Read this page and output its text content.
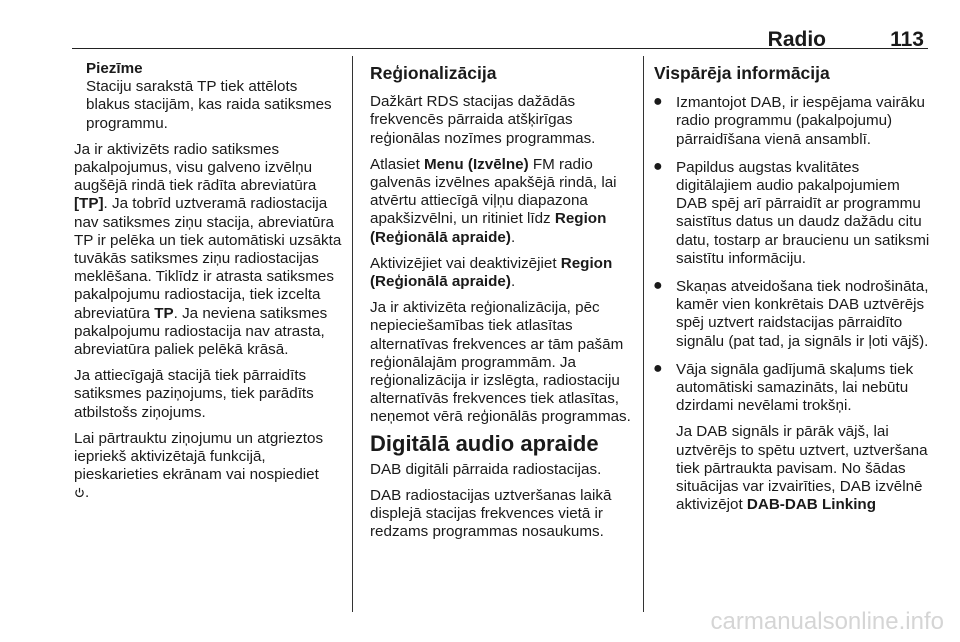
Radio	113
Piezīme
Staciju sarakstā TP tiek attēlots blakus stacijām, kas raida satiksmes programmu.

Ja ir aktivizēts radio satiksmes pakalpojumus, visu galveno izvēlņu augšējā rindā tiek rādīta abreviatūra [TP]. Ja tobrīd uztveramā radiostacija nav satiksmes ziņu stacija, abreviatūra TP ir pelēka un tiek automātiski uzsākta tuvākās satiksmes ziņu radiostacijas meklēšana. Tiklīdz ir atrasta satiksmes pakalpojumu radiostacija, tiek izcelta abreviatūra TP. Ja neviena satiksmes pakalpojumu radiostacija nav atrasta, abreviatūra paliek pelēkā krāsā.

Ja attiecīgajā stacijā tiek pārraidīts satiksmes paziņojums, tiek parādīts atbilstošs ziņojums.

Lai pārtrauktu ziņojumu un atgrieztos iepriekš aktivizētajā funkcijā, pieskarieties ekrānam vai nospiediet
.

Reģionalizācija

Dažkārt RDS stacijas dažādās frekvencēs pārraida atšķirīgas reģionālas nozīmes programmas.

Atlasiet Menu (Izvēlne) FM radio galvenās izvēlnes apakšējā rindā, lai atvērtu attiecīgā viļņu diapazona apakšizvēlni, un ritiniet līdz Region (Reģionālā apraide).

Aktivizējiet vai deaktivizējiet Region (Reģionālā apraide).

Ja ir aktivizēta reģionalizācija, pēc nepieciešamības tiek atlasītas alternatīvas frekvences ar tām pašām reģionālajām programmām. Ja reģionalizācija ir izslēgta, radiostaciju alternatīvās frekvences tiek atlasītas, neņemot vērā reģionālās programmas.

Digitālā audio apraide

DAB digitāli pārraida radiostacijas.

DAB radiostacijas uztveršanas laikā displejā stacijas frekvences vietā ir redzams programmas nosaukums.

Vispārēja informācija
● Izmantojot DAB, ir iespējama vairāku radio programmu (pakalpojumu) pārraidīšana vienā ansamblī.
● Papildus augstas kvalitātes digitālajiem audio pakalpojumiem DAB spēj arī pārraidīt ar programmu saistītus datus un daudz dažādu citu datu, tostarp ar braucienu un satiksmi saistītu informāciju.
● Skaņas atveidošana tiek nodrošināta, kamēr vien konkrētais DAB uztvērējs spēj uztvert raidstacijas pārraidīto signālu (pat tad, ja signāls ir ļoti vājš).
● Vāja signāla gadījumā skaļums tiek automātiski samazināts, lai nebūtu dzirdami nevēlami trokšņi.

Ja DAB signāls ir pārāk vājš, lai uztvērējs to spētu uztvert, uztveršana tiek pārtraukta pavisam. No šādas situācijas var izvairīties, DAB izvēlnē aktivizējot DAB-DAB Linking

carmanualsonline.info
